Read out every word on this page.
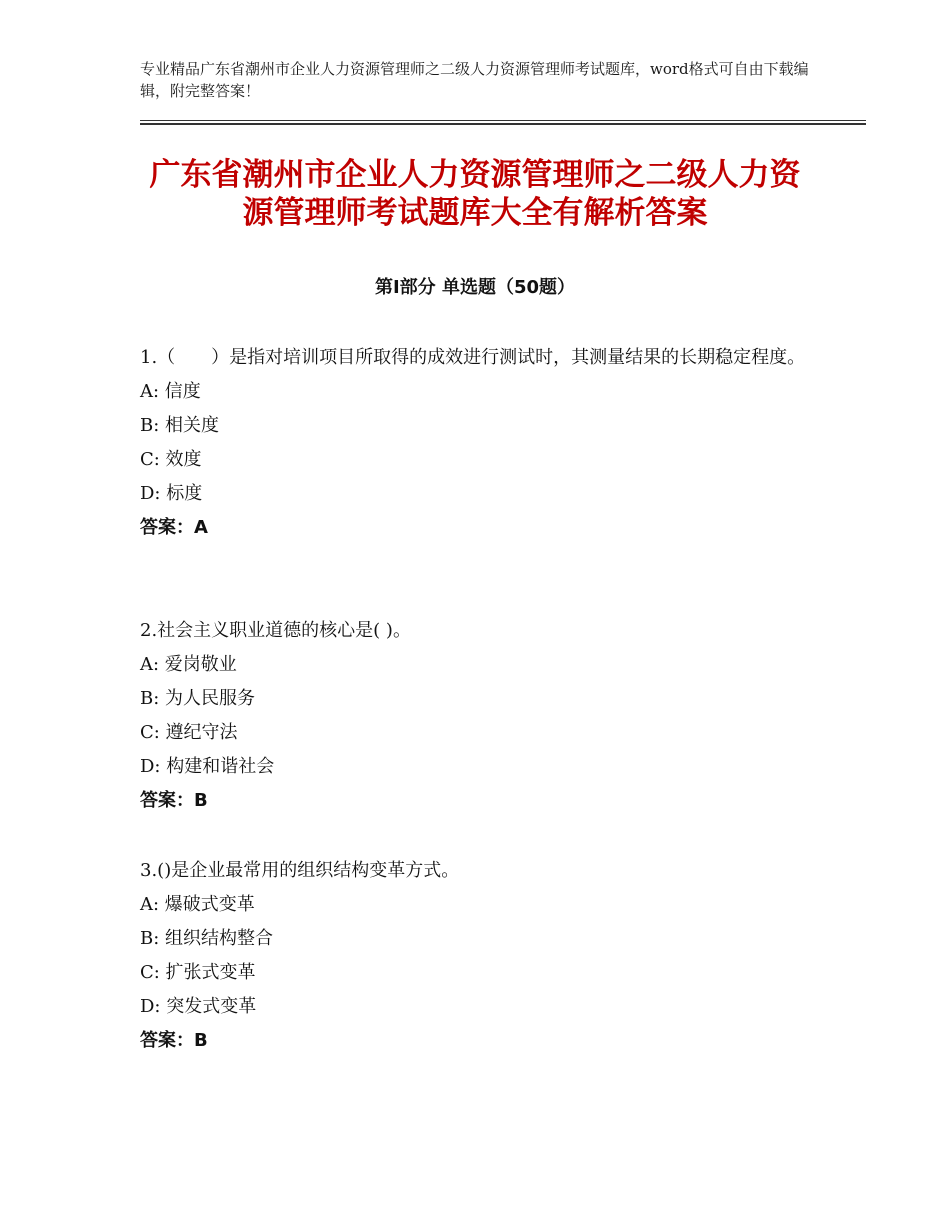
专业精品广东省潮州市企业人力资源管理师之二级人力资源管理师考试题库，word格式可自由下载编辑，附完整答案！
广东省潮州市企业人力资源管理师之二级人力资源管理师考试题库大全有解析答案
第Ⅰ部分 单选题（50题）
1.（　　）是指对培训项目所取得的成效进行测试时，其测量结果的长期稳定程度。
A: 信度
B: 相关度
C: 效度
D: 标度
答案：A
2.社会主义职业道德的核心是( )。
A: 爱岗敬业
B: 为人民服务
C: 遵纪守法
D: 构建和谐社会
答案：B
3.()是企业最常用的组织结构变革方式。
A: 爆破式变革
B: 组织结构整合
C: 扩张式变革
D: 突发式变革
答案：B
